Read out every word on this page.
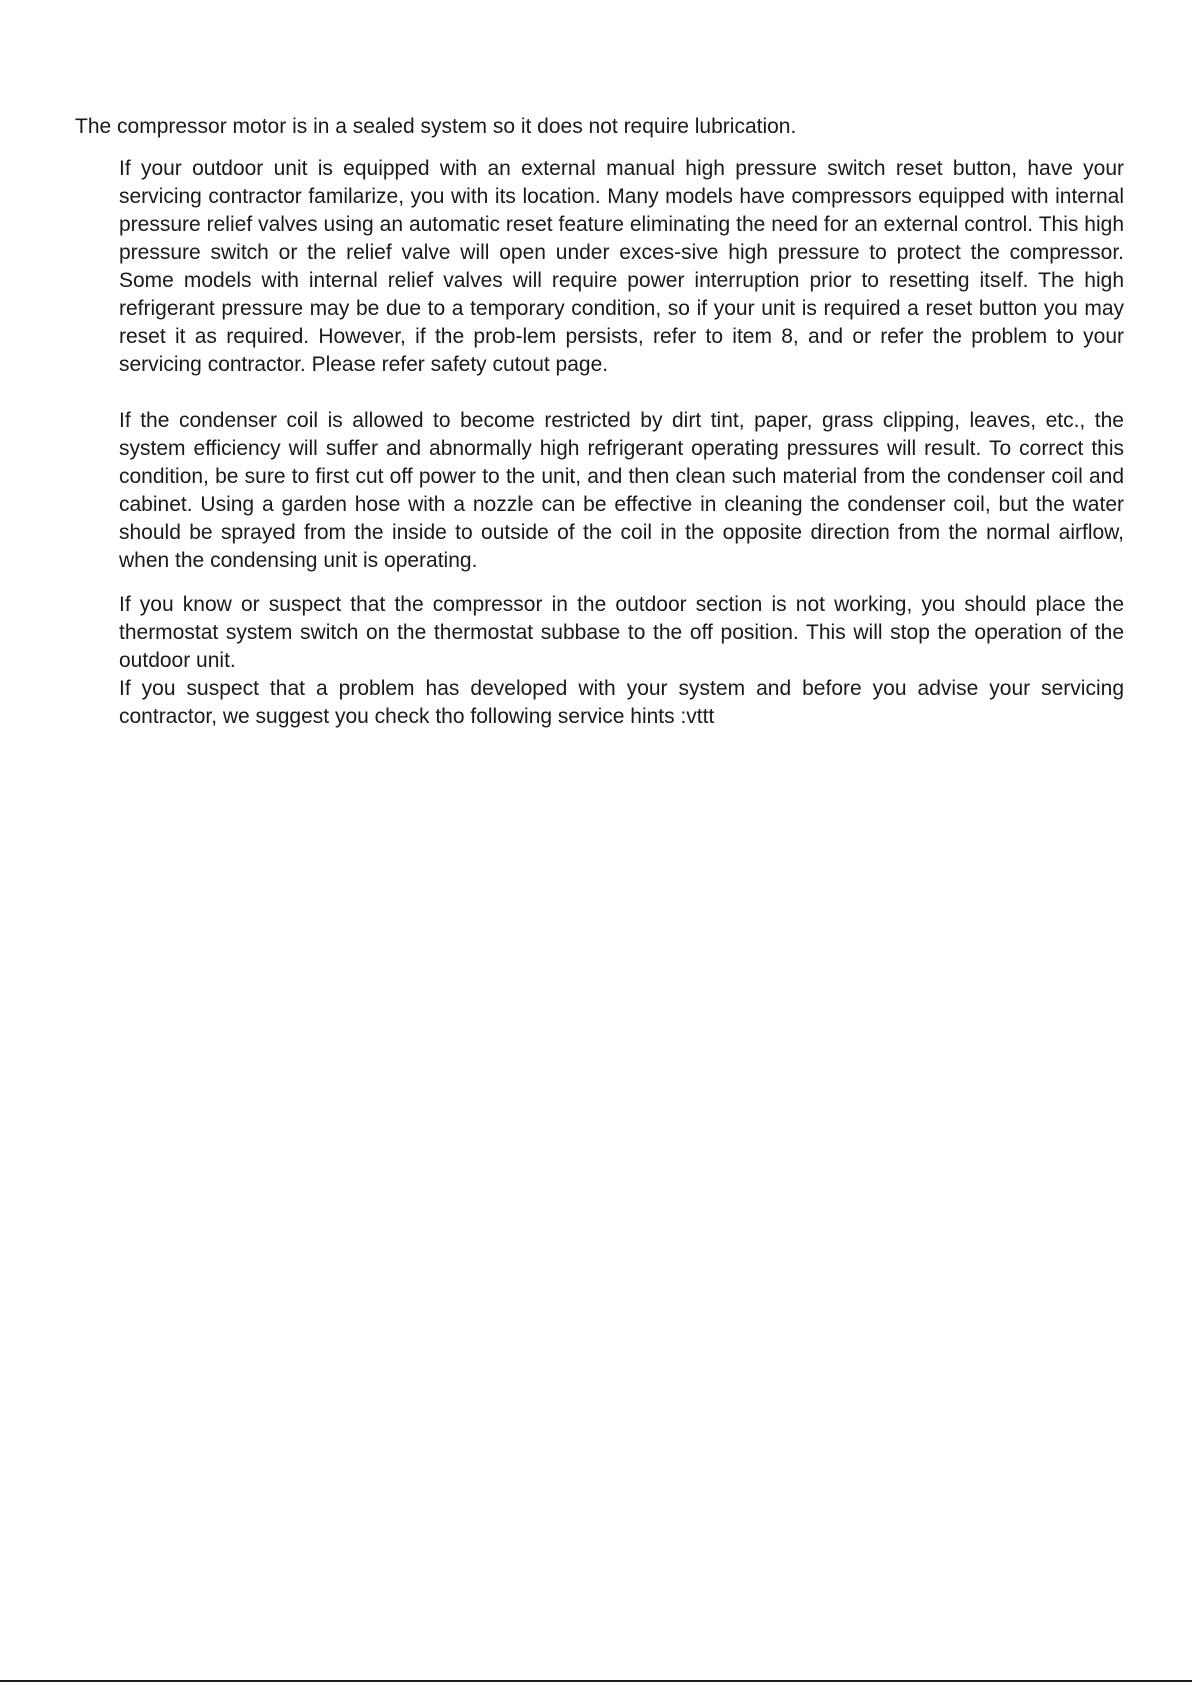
The compressor motor is in a sealed system so it does not require lubrication.

If your outdoor unit is equipped with an external manual high pressure switch reset button, have your servicing contractor familarize, you with its location. Many models have compressors equipped with internal pressure relief valves using an automatic reset feature eliminating the need for an external control. This high pressure switch or the relief valve will open under exces-sive high pressure to protect the compressor. Some models with internal relief valves will require power interruption prior to resetting itself. The high refrigerant pressure may be due to a temporary condition, so if your unit is required a reset button you may reset it as required. However, if the prob-lem persists, refer to item 8, and or refer the problem to your servicing contractor. Please refer safety cutout page.

If the condenser coil is allowed to become restricted by dirt tint, paper, grass clipping, leaves, etc., the system efficiency will suffer and abnormally high refrigerant operating pressures will result. To correct this condition, be sure to first cut off power to the unit, and then clean such material from the condenser coil and cabinet. Using a garden hose with a nozzle can be effective in cleaning the condenser coil, but the water should be sprayed from the inside to outside of the coil in the opposite direction from the normal airflow, when the condensing unit is operating.

If you know or suspect that the compressor in the outdoor section is not working, you should place the thermostat system switch on the thermostat subbase to the off position. This will stop the operation of the outdoor unit.

If you suspect that a problem has developed with your system and before you advise your servicing contractor, we suggest you check tho following service hints :vttt
